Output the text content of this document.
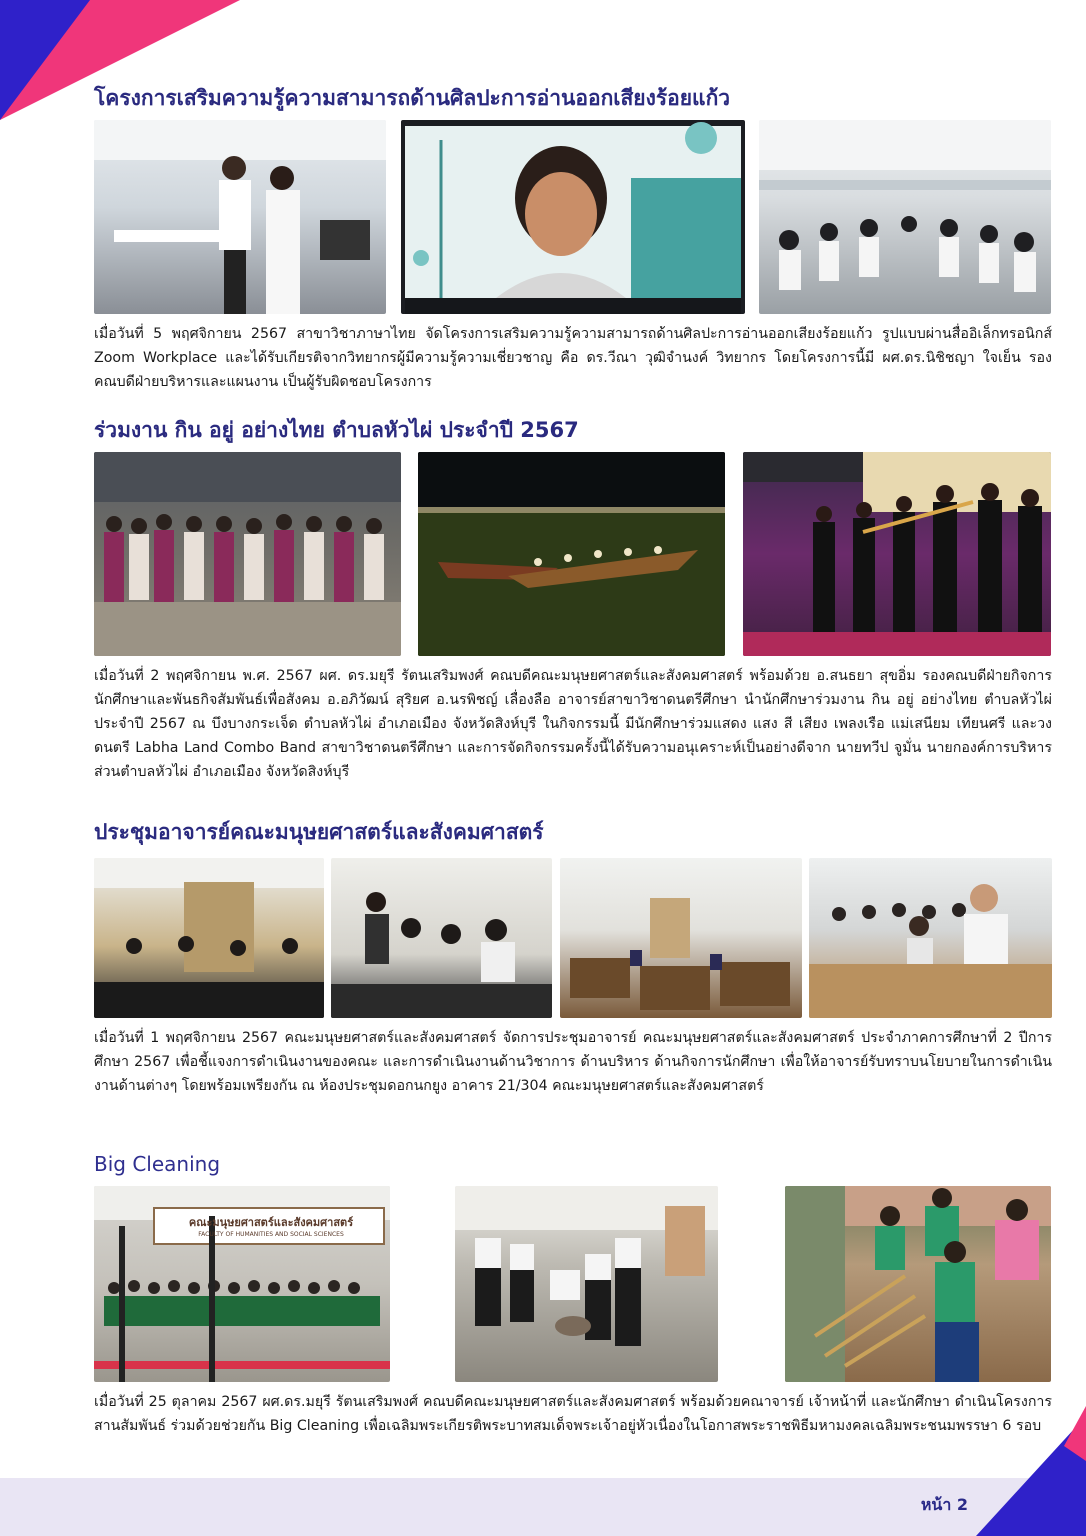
หน้า 2
โครงการเสริมความรู้ความสามารถด้านศิลปะการอ่านออกเสียงร้อยแก้ว

เมื่อวันที่ 5 พฤศจิกายน 2567 สาขาวิชาภาษาไทย จัดโครงการเสริมความรู้ความสามารถด้านศิลปะการอ่านออกเสียงร้อยแก้ว รูปแบบผ่านสื่ออิเล็กทรอนิกส์ Zoom Workplace และได้รับเกียรติจากวิทยากรผู้มีความรู้ความเชี่ยวชาญ คือ ดร.วีณา วุฒิจำนงค์ วิทยากร โดยโครงการนี้มี ผศ.ดร.นิชิชญา ใจเย็น รองคณบดีฝ่ายบริหารและแผนงาน เป็นผู้รับผิดชอบโครงการ

ร่วมงาน กิน อยู่ อย่างไทย ตำบลหัวไผ่ ประจำปี 2567

เมื่อวันที่ 2 พฤศจิกายน พ.ศ. 2567 ผศ. ดร.มยุรี รัตนเสริมพงศ์ คณบดีคณะมนุษยศาสตร์และสังคมศาสตร์ พร้อมด้วย อ.สนธยา สุขอิ่ม รองคณบดีฝ่ายกิจการนักศึกษาและพันธกิจสัมพันธ์เพื่อสังคม อ.อภิวัฒน์ สุริยศ อ.นรพิชญ์ เลื่องลือ อาจารย์สาขาวิชาดนตรีศึกษา นำนักศึกษาร่วมงาน กิน อยู่ อย่างไทย ตำบลหัวไผ่ ประจำปี 2567 ณ บึงบางกระเจ็ด ตำบลหัวไผ่ อำเภอเมือง จังหวัดสิงห์บุรี ในกิจกรรมนี้ มีนักศึกษาร่วมแสดง แสง สี เสียง เพลงเรือ แม่เสนียม เทียนศรี และวงดนตรี Labha Land Combo Band สาขาวิชาดนตรีศึกษา และการจัดกิจกรรมครั้งนี้ได้รับความอนุเคราะห์เป็นอย่างดีจาก นายทวีป จูมั่น นายกองค์การบริหารส่วนตำบลหัวไผ่ อำเภอเมือง จังหวัดสิงห์บุรี

ประชุมอาจารย์คณะมนุษยศาสตร์และสังคมศาสตร์

เมื่อวันที่ 1 พฤศจิกายน 2567 คณะมนุษยศาสตร์และสังคมศาสตร์ จัดการประชุมอาจารย์ คณะมนุษยศาสตร์และสังคมศาสตร์ ประจำภาคการศึกษาที่ 2 ปีการศึกษา 2567 เพื่อชี้แจงการดำเนินงานของคณะ และการดำเนินงานด้านวิชาการ ด้านบริหาร ด้านกิจการนักศึกษา เพื่อให้อาจารย์รับทราบนโยบายในการดำเนินงานด้านต่างๆ โดยพร้อมเพรียงกัน ณ ห้องประชุมดอกนกยูง อาคาร 21/304 คณะมนุษยศาสตร์และสังคมศาสตร์

Big Cleaning
คณะมนุษยศาสตร์และสังคมศาสตร์
FACULTY OF HUMANITIES AND SOCIAL SCIENCES

เมื่อวันที่ 25 ตุลาคม 2567 ผศ.ดร.มยุรี รัตนเสริมพงศ์ คณบดีคณะมนุษยศาสตร์และสังคมศาสตร์ พร้อมด้วยคณาจารย์ เจ้าหน้าที่ และนักศึกษา ดำเนินโครงการสานสัมพันธ์ ร่วมด้วยช่วยกัน Big Cleaning เพื่อเฉลิมพระเกียรติพระบาทสมเด็จพระเจ้าอยู่หัวเนื่องในโอกาสพระราชพิธีมหามงคลเฉลิมพระชนมพรรษา 6 รอบ
